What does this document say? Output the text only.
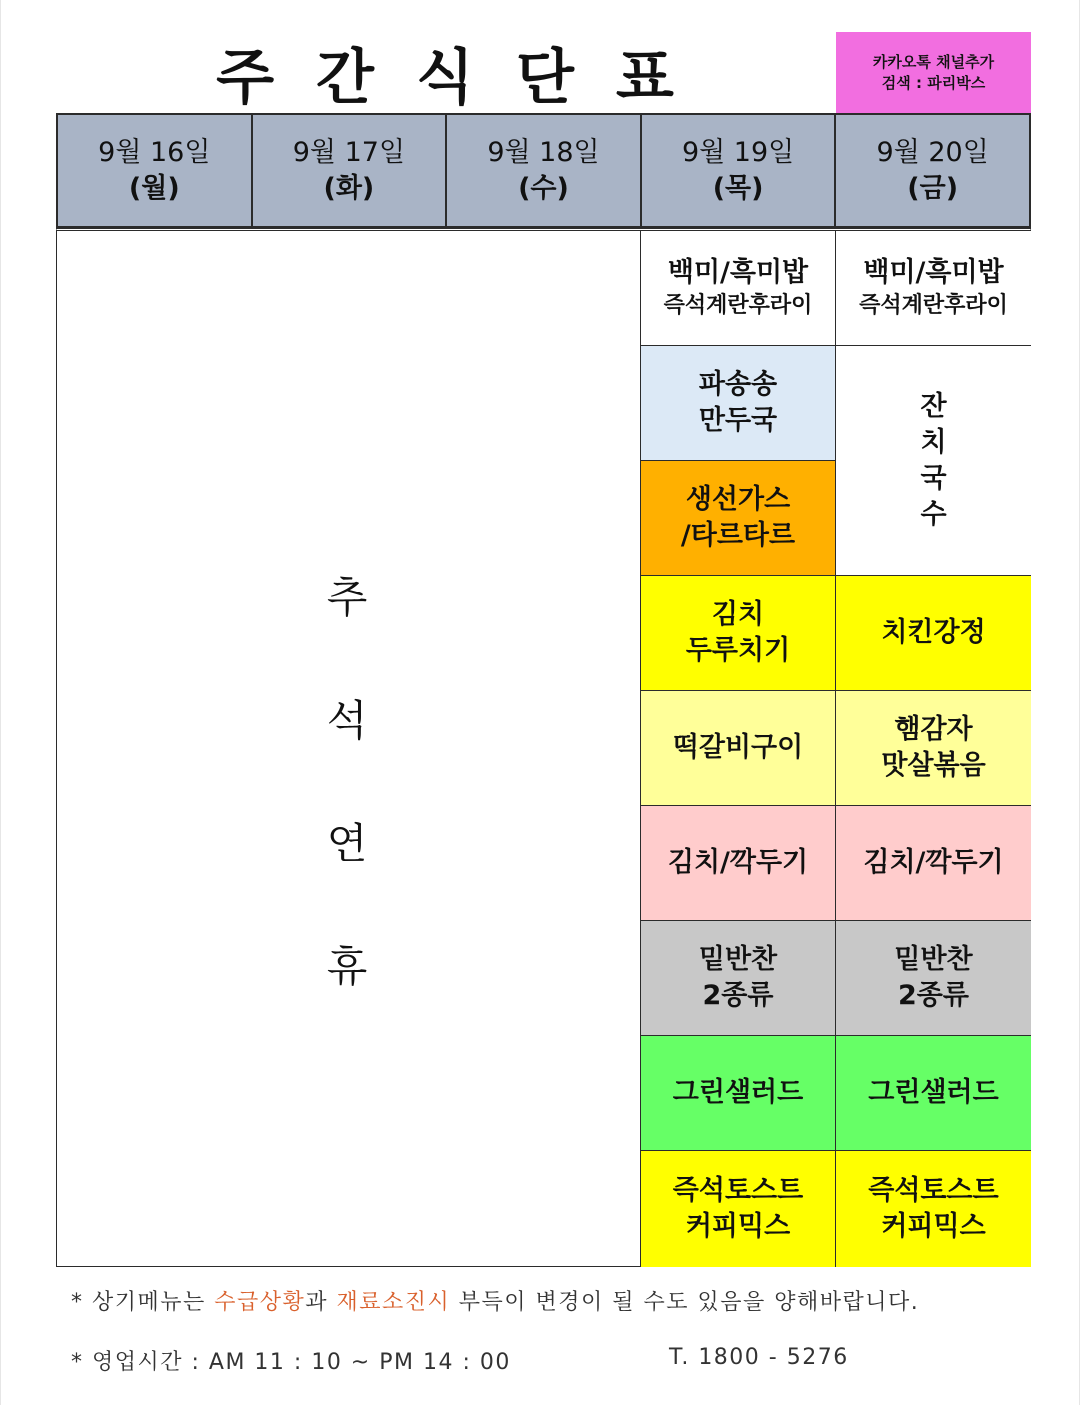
주간식단표	카카오톡 채널추가
검색 : 파리박스
9월 16일
(월)
9월 17일
(화)
9월 18일
(수)
9월 19일
(목)
9월 20일
(금)
추
석
연
휴
백미/흑미밥
즉석계란후라이
파송송
만두국
생선가스
/타르타르
김치
두루치기
떡갈비구이
김치/깍두기
밑반찬
2종류
그린샐러드
즉석토스트
커피믹스
백미/흑미밥
즉석계란후라이
잔
치
국
수
치킨강정
햄감자
맛살볶음
김치/깍두기
밑반찬
2종류
그린샐러드
즉석토스트
커피믹스
* 상기메뉴는 수급상황과 재료소진시 부득이 변경이 될 수도 있음을 양해바랍니다.
* 영업시간 : AM 11 : 10 ~ PM 14 : 00	T. 1800 - 5276
